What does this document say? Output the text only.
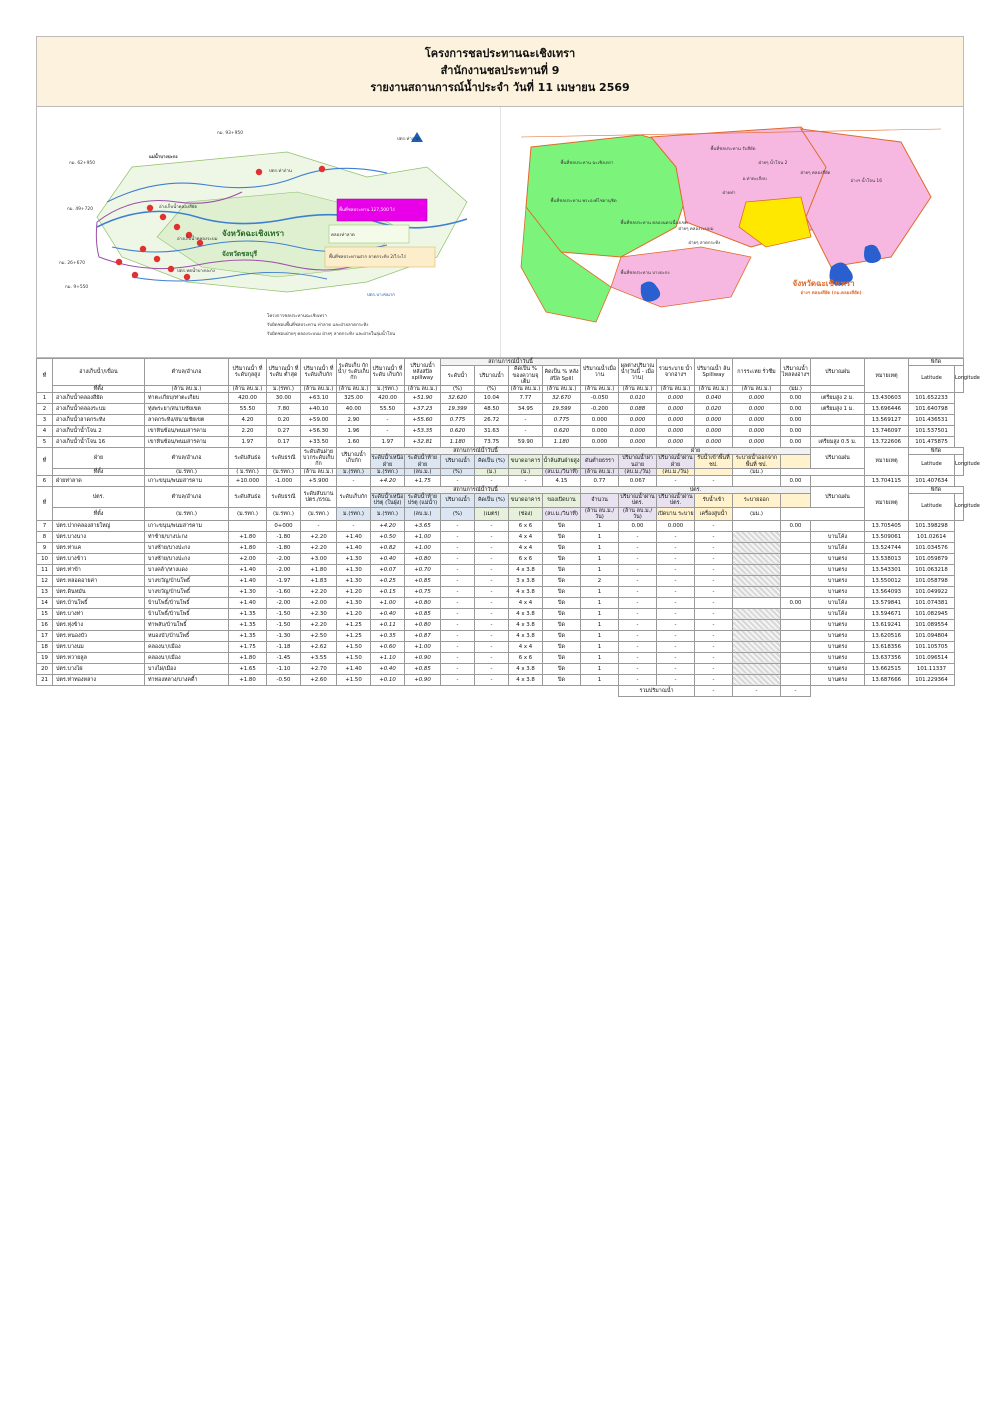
โครงการชลประทานฉะเชิงเทรา
สำนักงานชลประทานที่ 9
รายงานสถานการณ์น้ำประจำ วันที่ 11 เมษายน 2569
กม. 93+950
กม. 62+950
กม. 49+720
กม. 26+670
กม. 9+550
แม่น้ำบางปะกง
จังหวัดฉะเชิงเทรา
จังหวัดชลบุรี
ปตร.ท่าลาด
ปตร.ท่าถ่าน
พื้นที่ชลประทาน 127,500 ไร่
คลองท่าลาด
พื้นที่ชลประทานฝาก ลาดกระทิง 2/ไร่ะไร่
อ่างเก็บน้ำคลองสียัด
อ่างเก็บน้ำคลองระบม
ปตร.ทดน้ำบางปะกง
ปตร.บางขนาก
โครงการชลประทานฉะเชิงเทรา
รับผิดชอบพื้นที่ชลประทาน ท่าลาด และฝ่ายลาดกระทิง
รับผิดชอบฝ่ายๆ คลองระบบม ฝ่ายๆ ลาดกระทิง และฝ่ายในลุ่มน้ำโจน
พื้นที่ชลประทาน รับสียัด
พื้นที่ชลประทาน ฉะเชิงเทรา
พื้นที่ชลประทาน พระองค์ไชยานุชิต
พื้นที่ชลประทาน คลองนครเนื่องเขต
พื้นที่ชลประทาน บางปะกง
ฝ่ายๆ น้ำโจน 2
ฝ่ายๆ คลองระบบม
ฝ่ายๆ ลาดกระทิง
ฝ่ายๆ คลองสียัด
จังหวัดฉะเชิงเทรา
อ่างฯ คลองสียัด (กม.คลองสียัด)
อ่างฯ น้ำโจน 16
อ.ท่าตะเกียบ
ฝ่ายท่า
ที่	อ่างเก็บน้ำ/เขื่อน	ตำบล/อำเภอ	ปริมาณน้ำ ที่ระดับกุลสูง	ปริมาณน้ำ ที่ระดับ ต่ำสุด	ปริมาณน้ำ ที่ระดับเก็บกัก	ระดับเก็บ กักน้ำ/ ระดับเก็บกัก	ปริมาณน้ำ ที่ระดับ เก็บกัก	ปริมาณน้ำ หลังสปิล spillway	สถานการณ์น้ำวันนี้				ปริมาณน้ำเมื่อวาน	ผลต่างปริมาณน้ำ(วันนี้ - เมื่อวาน)	รวมระบาย น้ำจากอ่างฯ	ปริมาณน้ำ ล้น Spillway	การระเหย รั่วซึม	ปริมาณน้ำไหลลงอ่างฯ	ปริมาณฝน	หมายเหตุ	พิกัด	
									ระดับน้ำ	ปริมาณน้ำ	คิดเป็น % ของความจุเต็ม	คิดเป็น % หลังสปิล Spill									Latitude	Longitude
	ที่ตั้ง	(ล้าน ลบ.ม.)	(ล้าน ลบ.ม.)	ม.(รทก.)	(ล้าน ลบ.ม.)	(ล้าน ลบ.ม.)	ม.(รทก.)	(ล้าน ลบ.ม.)	(%)	(%)	(ล้าน ลบ.ม.)	(ล้าน ลบ.ม.)	(ล้าน ลบ.ม.)	(ล้าน ลบ.ม.)	(ล้าน ลบ.ม.)	(ล้าน ลบ.ม.)	(ล้าน ลบ.ม.)	(มม.)				
1	อ่างเก็บน้ำคลองสียัด	ท่าตะเกียบ/ท่าตะเกียบ	420.00	30.00	+63.10	325.00	420.00	+51.90	32.620	10.04	7.77	32.670	-0.050	0.010	0.000	0.040	0.000	0.00	เตรียมสูง 2 ม.	13.430603	101.652233	
2	อ่างเก็บน้ำคลองระบม	ทุ่งพระยา/สนามชัยเขต	55.50	7.80	+40.10	40.00	55.50	+37.23	19.399	48.50	34.95	19.599	-0.200	0.088	0.000	0.020	0.000	0.00	เตรียมสูง 1 ม.	13.696446	101.640798	
3	อ่างเก็บน้ำลาดกระทิง	ลาดกระทิง/สนามชัยเขต	4.20	0.20	+59.00	2.90	-	+55.60	0.775	26.72	-	0.775	0.000	0.000	0.000	0.000	0.000	0.00		13.569127	101.436531	
4	อ่างเก็บน้ำน้ำโจน 2	เขาหินซ้อน/พนมสารคาม	2.20	0.27	+56.30	1.96	-	+53.35	0.620	31.63	-	0.620	0.000	0.000	0.000	0.000	0.000	0.00		13.746097	101.537501	
5	อ่างเก็บน้ำน้ำโจน 16	เขาหินซ้อน/พนมสารคาม	1.97	0.17	+33.50	1.60	1.97	+32.81	1.180	73.75	59.90	1.180	0.000	0.000	0.000	0.000	0.000	0.00	เตรียมสูง 0.5 ม.	13.722606	101.475875	
ที่	ฝ่าย	ตำบล/อำเภอ	ระดับสันธ่อ	ระดับธรณี	ระดับสันฝายบวกระดับเก็บกัก	ปริมาณน้ำ เก็บกัก	สถานการณ์น้ำวันนี้						ฝ่าย						ปริมาณฝน	หมายเหตุ	พิกัด	
							ระดับน้ำเหนือฝ่าย	ระดับน้ำท้ายฝ่าย	ปริมาณน้ำ	คิดเป็น (%)	ขนาดอาคาร	น้ำล้นสันฝ่ายสูง	ดันต่ำยธรรา	ปริมาณน้ำผ่านอ่าย	ปริมาณน้ำผ่านฝ่าย	รับน้ำเข้าพื้นที่ ชป.	ระบายน้ำออกจากพื้นที่ ชป.				Latitude	Longitude
	ที่ตั้ง	(ม.รทก.)	( ม.รทก.)	(ม.รทก.)	(ล้าน ลบ.ม.)	ม.(รทก.)	ม.(รทก.)	(ลบ.ม.)	(%)	(ม.)	(ม.)	(ลบ.ม./วินาที)	(ล้าน ลบ.ม.)	(ลบ.ม./วัน)	(ลบ.ม./วัน)		(มม.)					
6	ฝ่ายท่าลาด	เกาะขนุน/พนมสารคาม	+10.000	-1.000	+5.900	-	+4.20	+1.75	-	-	-	4.15	0.77	0.067	-	-		0.00		13.704115	101.407634	
ที่	ปตร.	ตำบล/อำเภอ	ระดับสันธ่อ	ระดับธรณี	ระดับสันบานปตร./ธรณ.	ระดับเก็บกัก	สถานการณ์น้ำวันนี้						ปตร.						ปริมาณฝน	หมายเหตุ	พิกัด	
							ระดับน้ำเหนือปรตุ (ในฝุ่ง)	ระดับน้ำท้ายปรตุ (แม่น้ำ)	ปริมาณน้ำ	คิดเป็น (%)	ขนาดอาคาร	ของเปิดบาน	จำนวน	ปริมาณน้ำผ่าน ปตร.	ปริมาณน้ำผ่าน ปตร.	รับน้ำเข้า	ระบายออก				Latitude	Longitude
	ที่ตั้ง	(ม.รทก.)	(ม.รทก.)	(ม.รทก.)	(ม.รทก.)	ม.(รทก.)	ม.(รทก.)	(ลบ.ม.)	(%)	(เมตร)	(ช่อง)	(ลบ.ม./วินาที)	(ล้าน ลบ.ม./วัน)	(ล้าน ลบ.ม./วัน)	เปิดบาน ระบาย	เครื่องสูบน้ำ	(มม.)					
7	ปตร.ปากคลองสายใหญ่	เกาะขนุน/พนมสารคาม		0+000	-	-	+4.20	+3.65	-	-	6 x 6	ปิด	1	0.00	0.000	-		0.00		13.705405	101.398298	
8	ปตร.บางนาง	ท่าซ้าย/บางปะกง	+1.80	-1.80	+2.20	+1.40	+0.50	+1.00	-	-	4 x 4	ปิด	1	-	-	-			บานโค้ง	13.509061	101.02614	
9	ปตร.ท่าแค	บางซ้าย/บางปะกง	+1.80	-1.80	+2.20	+1.40	+0.82	+1.00	-	-	4 x 4	ปิด	1	-	-	-			บานโค้ง	13.524744	101.034576	
10	ปตร.บางข้าว	บางซ้าย/บางปะกง	+2.00	-2.00	+3.00	+1.30	+0.40	+0.80	-	-	6 x 6	ปิด	1	-	-	-			บานตรง	13.538013	101.059879	
11	ปตร.ท่าข้า	บางคล้า/หางแดง	+1.40	-2.00	+1.80	+1.30	+0.07	+0.70	-	-	4 x 3.8	ปิด	1	-	-	-			บานตรง	13.543301	101.063218	
12	ปตร.หลอดอายค่า	บางขวัญ/บ้านโพธิ์	+1.40	-1.97	+1.83	+1.30	+0.25	+0.85	-	-	3 x 3.8	ปิด	2	-	-	-			บานตรง	13.550012	101.058798	
13	ปตร.ดินหมัน	บางขวัญ/บ้านโพธิ์	+1.30	-1.60	+2.20	+1.20	+0.15	+0.75	-	-	4 x 3.8	ปิด	1	-	-	-			บานตรง	13.564093	101.049922	
14	ปตร.บ้านโพธิ์	บ้านโพธิ์/บ้านโพธิ์	+1.40	-2.00	+2.00	+1.30	+1.00	+0.80	-	-	4 x 4	ปิด	1	-	-	-		0.00	บานโค้ง	13.579841	101.074381	
15	ปตร.บางท่า	บ้านโพธิ์/บ้านโพธิ์	+1.35	-1.50	+2.30	+1.20	+0.40	+0.85	-	-	4 x 3.8	ปิด	1	-	-	-			บานโค้ง	13.594671	101.082945	
16	ปตร.หุ่งข้าง	ท่าพลับ/บ้านโพธิ์	+1.35	-1.50	+2.20	+1.25	+0.11	+0.80	-	-	4 x 3.8	ปิด	1	-	-	-			บานตรง	13.619241	101.089554	
17	ปตร.หนองบัว	หนองบัว/บ้านโพธิ์	+1.35	-1.30	+2.50	+1.25	+0.35	+0.87	-	-	4 x 3.8	ปิด	1	-	-	-			บานตรง	13.620516	101.094804	
18	ปตร.บางนม	คลองนา/เมือง	+1.75	-1.18	+2.62	+1.50	+0.60	+1.00	-	-	4 x 4	ปิด	1	-	-	-			บานตรง	13.618356	101.105705	
19	ปตร.ทวายลูล	คลองนา/เมือง	+1.80	-1.45	+3.55	+1.50	+1.10	+0.90	-	-	6 x 6	ปิด	1	-	-	-			บานตรง	13.637356	101.096514	
20	ปตร.บางไผ่	บางไผ่/เมือง	+1.65	-1.10	+2.70	+1.40	+0.40	+0.85	-	-	4 x 3.8	ปิด	1	-	-	-			บานตรง	13.662515	101.11337	
21	ปตร.ท่าทองหลาง	ท่าทองหลาง/บางคดี้า	+1.80	-0.50	+2.60	+1.50	+0.10	+0.90	-	-	4 x 3.8	ปิด	1	-	-	-			บานตรง	13.687666	101.229364	
														รวมปริมาณน้ำ		-	-	-				
